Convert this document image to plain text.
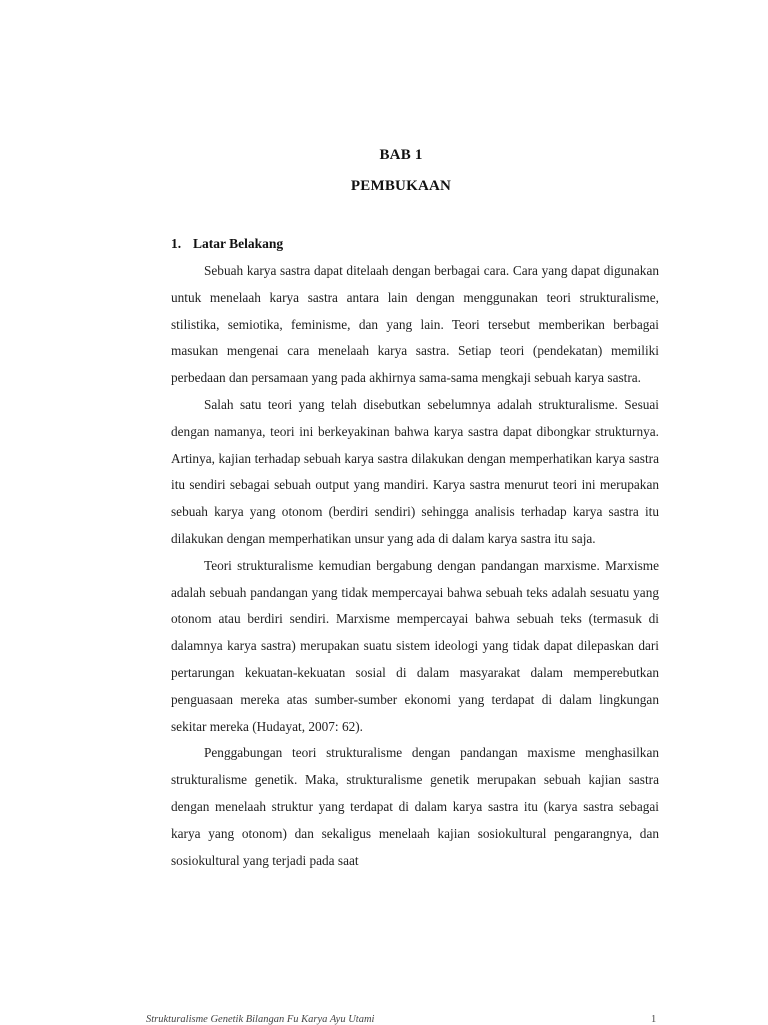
BAB 1
PEMBUKAAN
1. Latar Belakang

Sebuah karya sastra dapat ditelaah dengan berbagai cara. Cara yang dapat digunakan untuk menelaah karya sastra antara lain dengan menggunakan teori strukturalisme, stilistika, semiotika, feminisme, dan yang lain. Teori tersebut memberikan berbagai masukan mengenai cara menelaah karya sastra. Setiap teori (pendekatan) memiliki perbedaan dan persamaan yang pada akhirnya sama-sama mengkaji sebuah karya sastra.

Salah satu teori yang telah disebutkan sebelumnya adalah strukturalisme. Sesuai dengan namanya, teori ini berkeyakinan bahwa karya sastra dapat dibongkar strukturnya. Artinya, kajian terhadap sebuah karya sastra dilakukan dengan memperhatikan karya sastra itu sendiri sebagai sebuah output yang mandiri. Karya sastra menurut teori ini merupakan sebuah karya yang otonom (berdiri sendiri) sehingga analisis terhadap karya sastra itu dilakukan dengan memperhatikan unsur yang ada di dalam karya sastra itu saja.

Teori strukturalisme kemudian bergabung dengan pandangan marxisme. Marxisme adalah sebuah pandangan yang tidak mempercayai bahwa sebuah teks adalah sesuatu yang otonom atau berdiri sendiri. Marxisme mempercayai bahwa sebuah teks (termasuk di dalamnya karya sastra) merupakan suatu sistem ideologi yang tidak dapat dilepaskan dari pertarungan kekuatan-kekuatan sosial di dalam masyarakat dalam memperebutkan penguasaan mereka atas sumber-sumber ekonomi yang terdapat di dalam lingkungan sekitar mereka (Hudayat, 2007: 62).

Penggabungan teori strukturalisme dengan pandangan maxisme menghasilkan strukturalisme genetik. Maka, strukturalisme genetik merupakan sebuah kajian sastra dengan menelaah struktur yang terdapat di dalam karya sastra itu (karya sastra sebagai karya yang otonom) dan sekaligus menelaah kajian sosiokultural pengarangnya, dan sosiokultural yang terjadi pada saat

Strukturalisme Genetik Bilangan Fu Karya Ayu Utami	1
